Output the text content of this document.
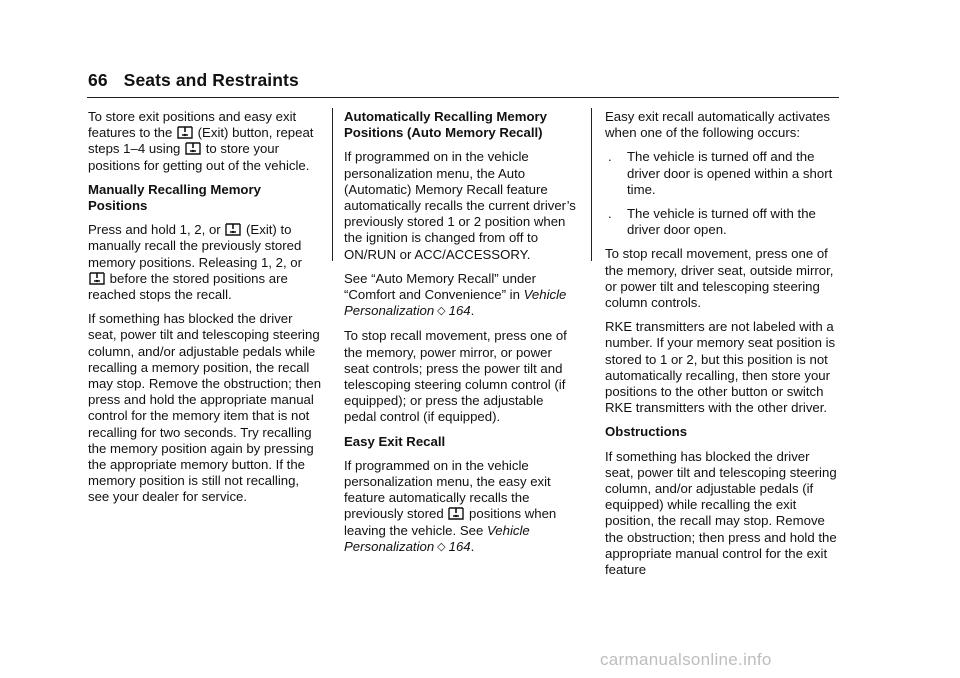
66 Seats and Restraints

To store exit positions and easy exit features to the (Exit) button, repeat steps 1–4 using to store your positions for getting out of the vehicle.

Manually Recalling Memory Positions

Press and hold 1, 2, or (Exit) to manually recall the previously stored memory positions. Releasing 1, 2, or
before the stored positions are reached stops the recall.

If something has blocked the driver seat, power tilt and telescoping steering column, and/or adjustable pedals while recalling a memory position, the recall may stop. Remove the obstruction; then press and hold the appropriate manual control for the memory item that is not recalling for two seconds. Try recalling the memory position again by pressing the appropriate memory button. If the memory position is still not recalling, see your dealer for service.

Automatically Recalling Memory Positions (Auto Memory Recall)

If programmed on in the vehicle personalization menu, the Auto (Automatic) Memory Recall feature automatically recalls the current driver’s previously stored 1 or 2 position when the ignition is changed from off to ON/RUN or ACC/ACCESSORY.

See “Auto Memory Recall” under “Comfort and Convenience” in Vehicle Personalization ◇ 164.

To stop recall movement, press one of the memory, power mirror, or power seat controls; press the power tilt and telescoping steering column control (if equipped); or press the adjustable pedal control (if equipped).

Easy Exit Recall

If programmed on in the vehicle personalization menu, the easy exit feature automatically recalls the previously stored positions when leaving the vehicle. See Vehicle Personalization ◇ 164.

Easy exit recall automatically activates when one of the following occurs:

. The vehicle is turned off and the driver door is opened within a short time.
. The vehicle is turned off with the driver door open.

To stop recall movement, press one of the memory, driver seat, outside mirror, or power tilt and telescoping steering column controls.

RKE transmitters are not labeled with a number. If your memory seat position is stored to 1 or 2, but this position is not automatically recalling, then store your positions to the other button or switch RKE transmitters with the other driver.

Obstructions

If something has blocked the driver seat, power tilt and telescoping steering column, and/or adjustable pedals (if equipped) while recalling the exit position, the recall may stop. Remove the obstruction; then press and hold the appropriate manual control for the exit feature

carmanualsonline.info
